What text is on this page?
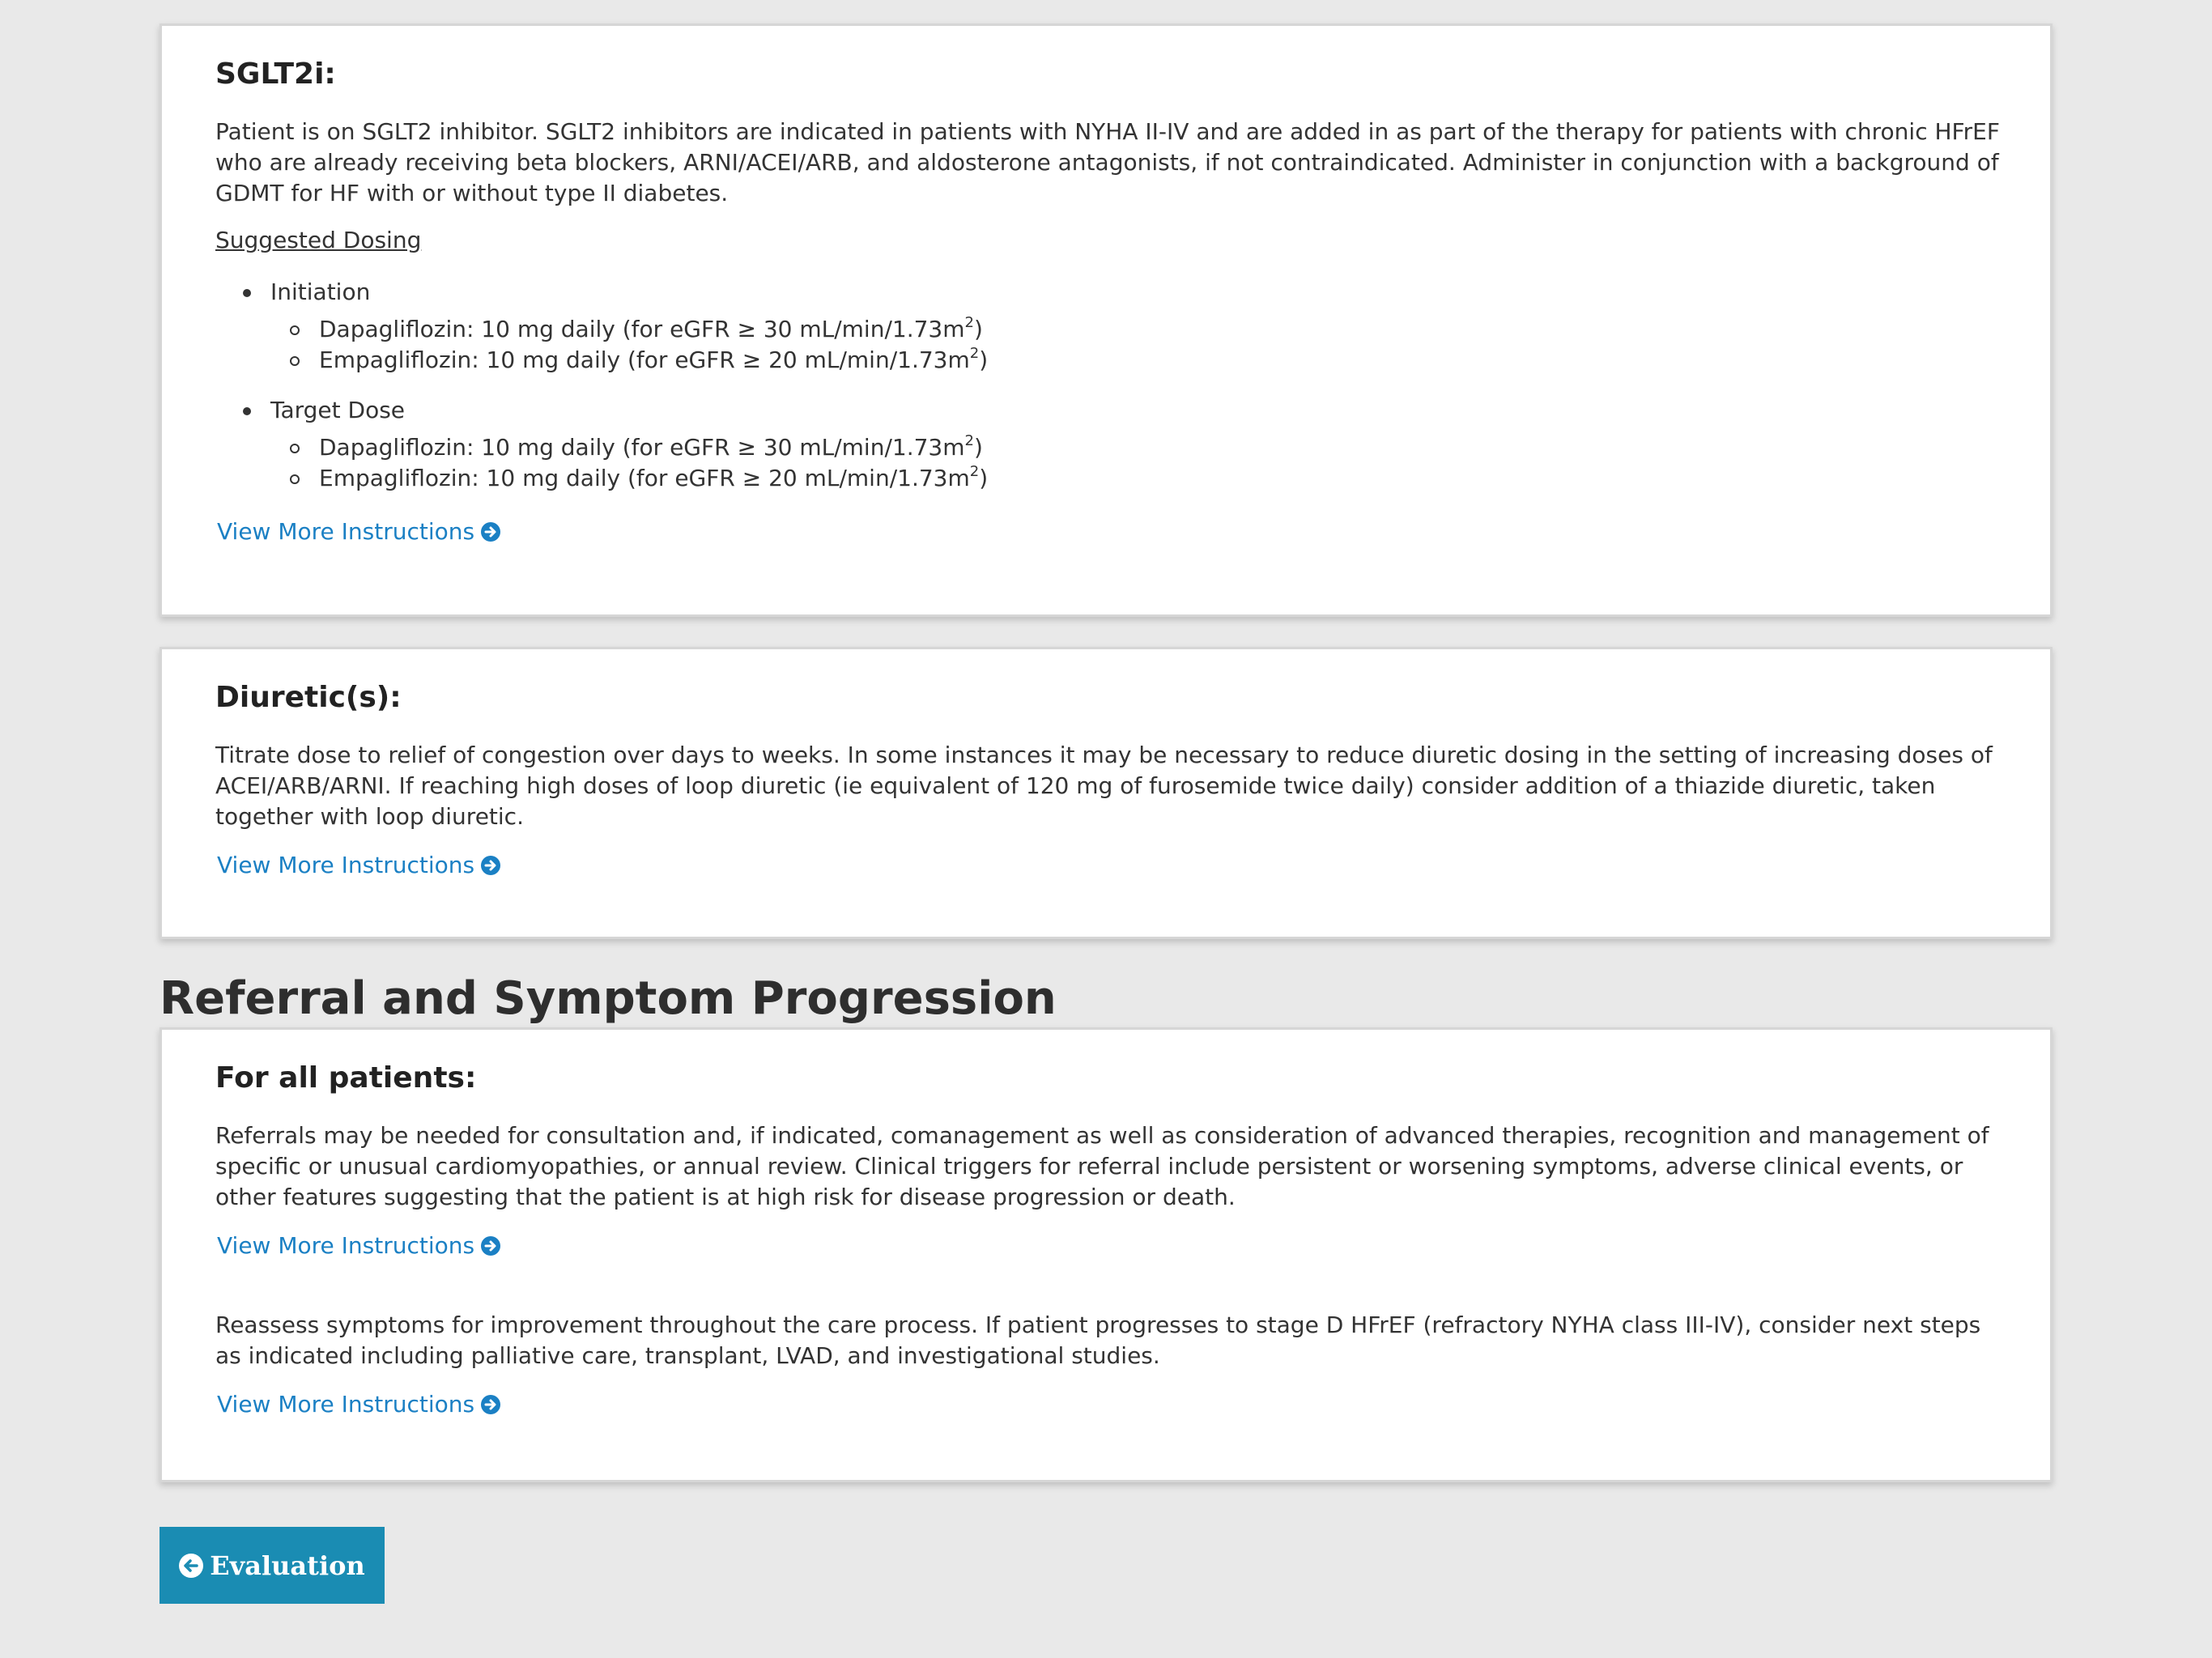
SGLT2i:

Patient is on SGLT2 inhibitor. SGLT2 inhibitors are indicated in patients with NYHA II-IV and are added in as part of the therapy for patients with chronic HFrEF who are already receiving beta blockers, ARNI/ACEI/ARB, and aldosterone antagonists, if not contraindicated. Administer in conjunction with a background of GDMT for HF with or without type II diabetes.

Suggested Dosing

Initiation
Dapagliflozin: 10 mg daily (for eGFR ≥ 30 $mL/\min/1.73m^2$)
Empagliflozin: 10 mg daily (for eGFR ≥ 20 $mL/\min/1.73m^2$)
Target Dose
Dapagliflozin: 10 mg daily (for eGFR ≥ 30 $mL/\min/1.73m^2$)
Empagliflozin: 10 mg daily (for eGFR ≥ 20 $mL/\min/1.73m^2$)
View More Instructions
Diuretic(s):

Titrate dose to relief of congestion over days to weeks. In some instances it may be necessary to reduce diuretic dosing in the setting of increasing doses of ACEI/ARB/ARNI. If reaching high doses of loop diuretic (ie equivalent of 120 mg of furosemide twice daily) consider addition of a thiazide diuretic, taken together with loop diuretic.

View More Instructions
Referral and Symptom Progression
For all patients:

Referrals may be needed for consultation and, if indicated, comanagement as well as consideration of advanced therapies, recognition and management of specific or unusual cardiomyopathies, or annual review. Clinical triggers for referral include persistent or worsening symptoms, adverse clinical events, or other features suggesting that the patient is at high risk for disease progression or death.

View More Instructions

Reassess symptoms for improvement throughout the care process. If patient progresses to stage D HFrEF (refractory NYHA class III-IV), consider next steps as indicated including palliative care, transplant, LVAD, and investigational studies.

View More Instructions
Evaluation
